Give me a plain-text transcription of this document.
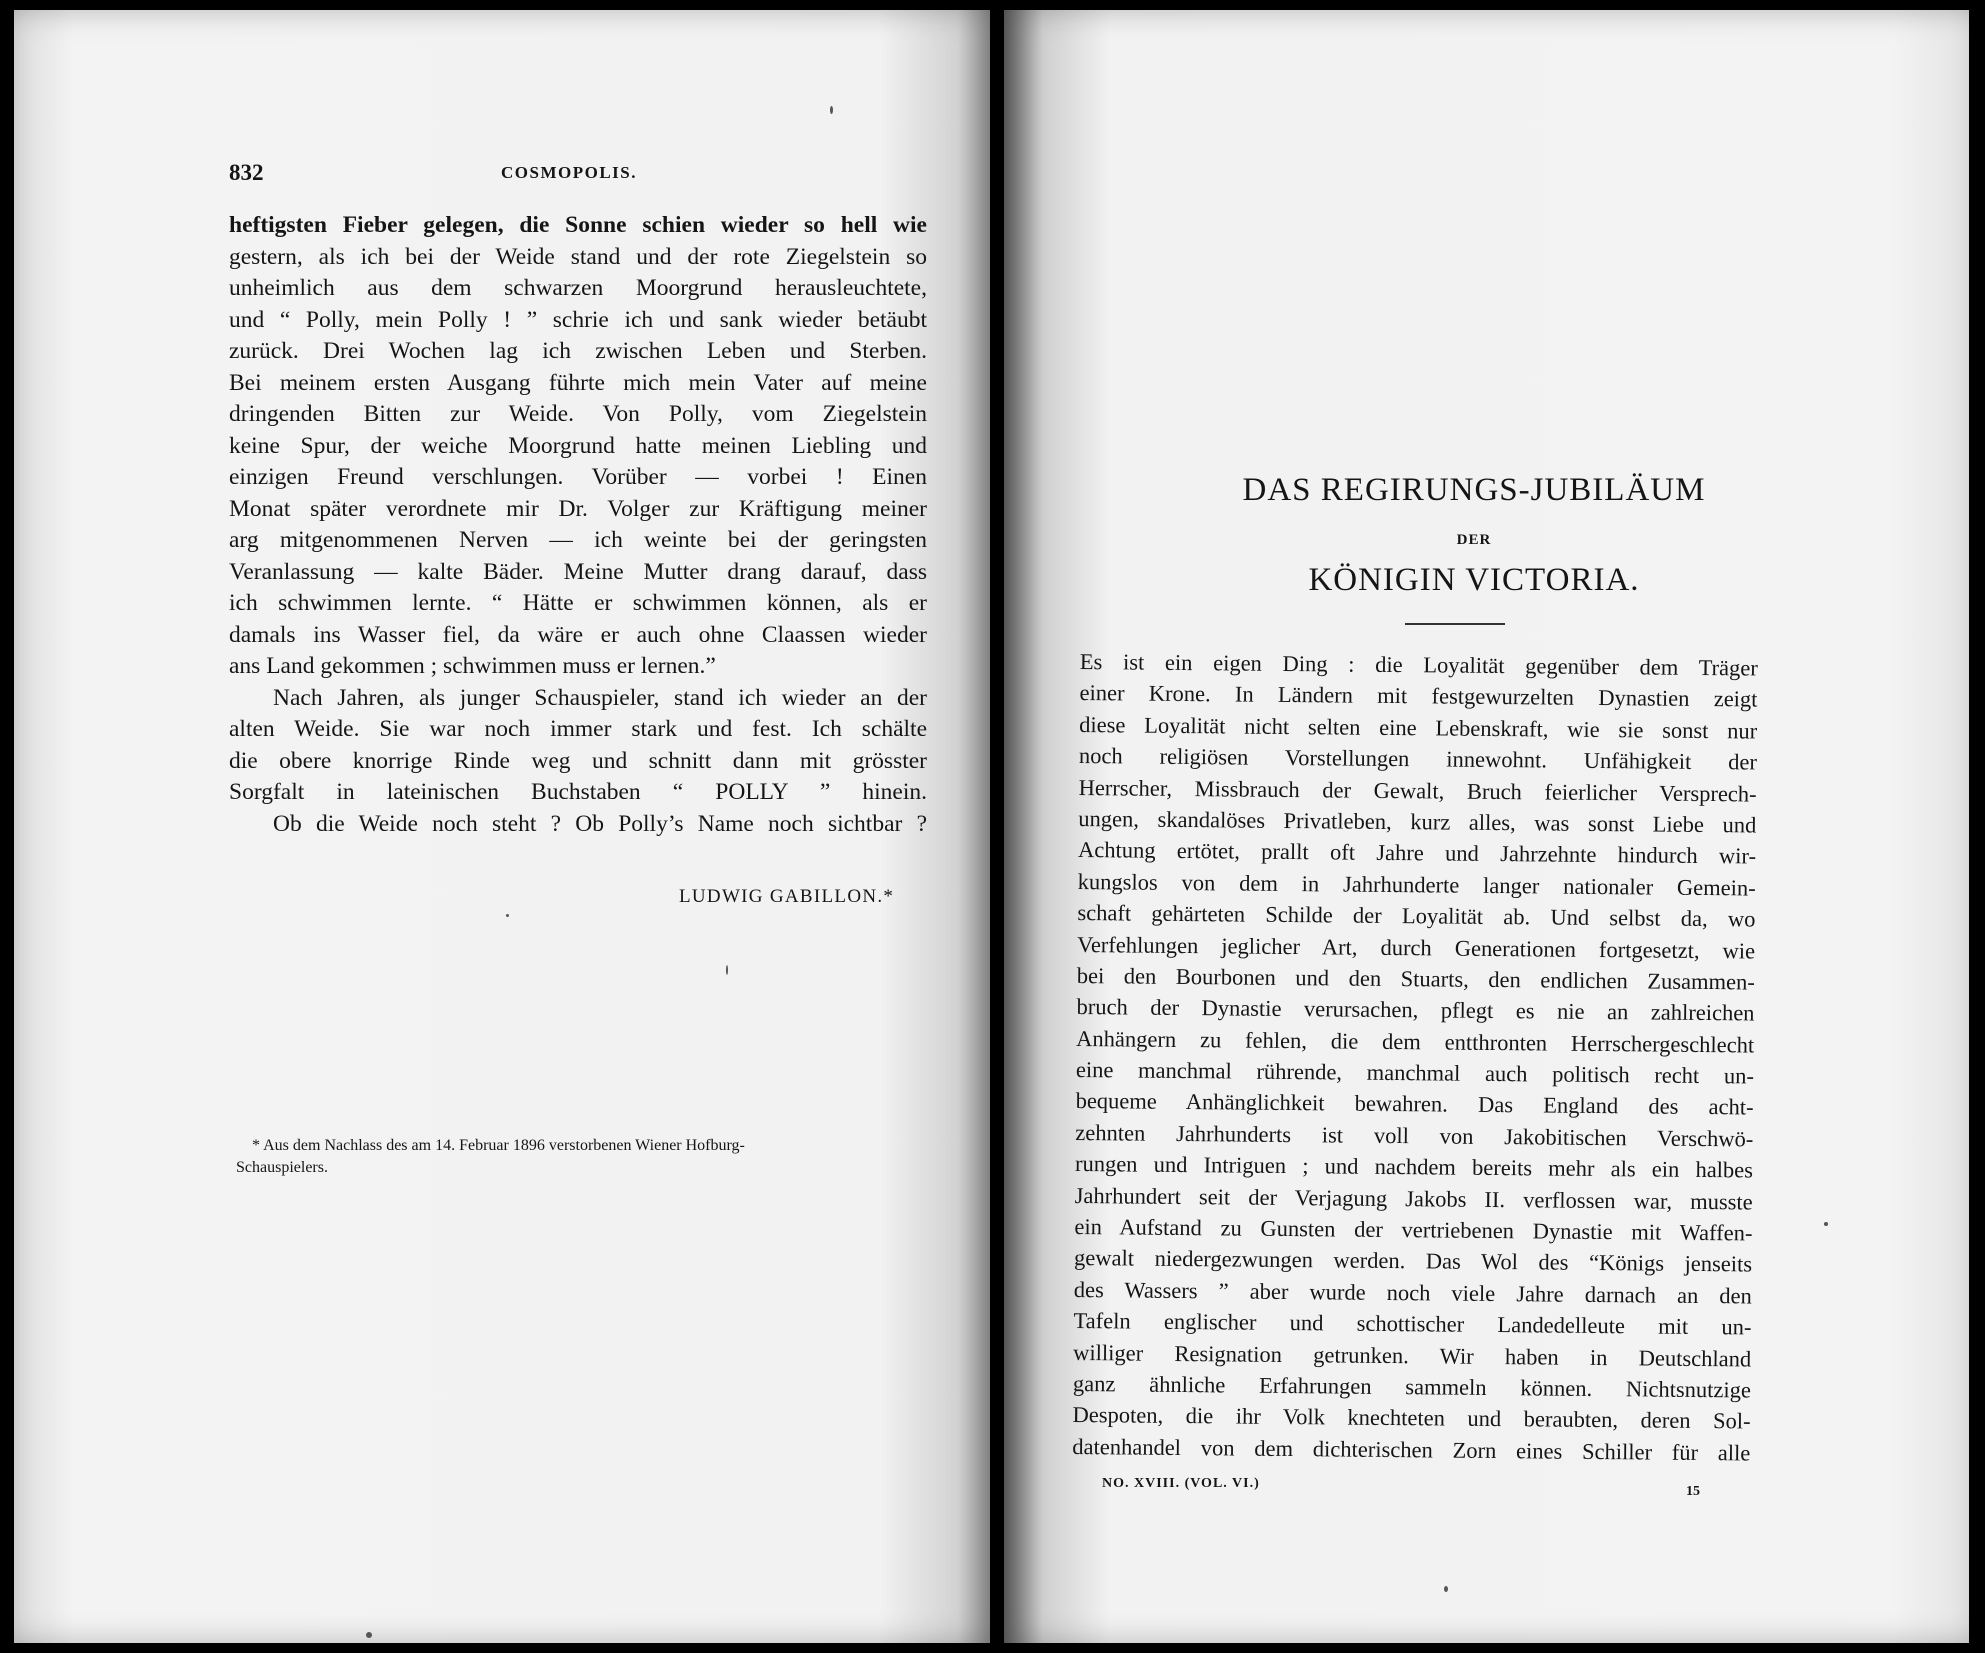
832	COSMOPOLIS.
heftigsten Fieber gelegen, die Sonne schien wieder so hell wie
gestern, als ich bei der Weide stand und der rote Ziegelstein so
unheimlich aus dem schwarzen Moorgrund herausleuchtete,
und “ Polly, mein Polly ! ” schrie ich und sank wieder betäubt
zurück. Drei Wochen lag ich zwischen Leben und Sterben.
Bei meinem ersten Ausgang führte mich mein Vater auf meine
dringenden Bitten zur Weide. Von Polly, vom Ziegelstein
keine Spur, der weiche Moorgrund hatte meinen Liebling und
einzigen Freund verschlungen. Vorüber — vorbei ! Einen
Monat später verordnete mir Dr. Volger zur Kräftigung meiner
arg mitgenommenen Nerven — ich weinte bei der geringsten
Veranlassung — kalte Bäder. Meine Mutter drang darauf, dass
ich schwimmen lernte. “ Hätte er schwimmen können, als er
damals ins Wasser fiel, da wäre er auch ohne Claassen wieder
ans Land gekommen ; schwimmen muss er lernen.”
Nach Jahren, als junger Schauspieler, stand ich wieder an der
alten Weide. Sie war noch immer stark und fest. Ich schälte
die obere knorrige Rinde weg und schnitt dann mit grösster
Sorgfalt in lateinischen Buchstaben “ POLLY ” hinein.
Ob die Weide noch steht ? Ob Polly’s Name noch sichtbar ?
LUDWIG GABILLON.*
* Aus dem Nachlass des am 14. Februar 1896 verstorbenen Wiener Hofburg-
Schauspielers.
DAS REGIRUNGS-JUBILÄUM
DER
KÖNIGIN VICTORIA.
Es ist ein eigen Ding : die Loyalität gegenüber dem Träger
einer Krone. In Ländern mit festgewurzelten Dynastien zeigt
diese Loyalität nicht selten eine Lebenskraft, wie sie sonst nur
noch religiösen Vorstellungen innewohnt. Unfähigkeit der
Herrscher, Missbrauch der Gewalt, Bruch feierlicher Versprech-
ungen, skandalöses Privatleben, kurz alles, was sonst Liebe und
Achtung ertötet, prallt oft Jahre und Jahrzehnte hindurch wir-
kungslos von dem in Jahrhunderte langer nationaler Gemein-
schaft gehärteten Schilde der Loyalität ab. Und selbst da, wo
Verfehlungen jeglicher Art, durch Generationen fortgesetzt, wie
bei den Bourbonen und den Stuarts, den endlichen Zusammen-
bruch der Dynastie verursachen, pflegt es nie an zahlreichen
Anhängern zu fehlen, die dem entthronten Herrschergeschlecht
eine manchmal rührende, manchmal auch politisch recht un-
bequeme Anhänglichkeit bewahren. Das England des acht-
zehnten Jahrhunderts ist voll von Jakobitischen Verschwö-
rungen und Intriguen ; und nachdem bereits mehr als ein halbes
Jahrhundert seit der Verjagung Jakobs II. verflossen war, musste
ein Aufstand zu Gunsten der vertriebenen Dynastie mit Waffen-
gewalt niedergezwungen werden. Das Wol des “Königs jenseits
des Wassers ” aber wurde noch viele Jahre darnach an den
Tafeln englischer und schottischer Landedelleute mit un-
williger Resignation getrunken. Wir haben in Deutschland
ganz ähnliche Erfahrungen sammeln können. Nichtsnutzige
Despoten, die ihr Volk knechteten und beraubten, deren Sol-
datenhandel von dem dichterischen Zorn eines Schiller für alle
NO. XVIII. (VOL. VI.)
15
